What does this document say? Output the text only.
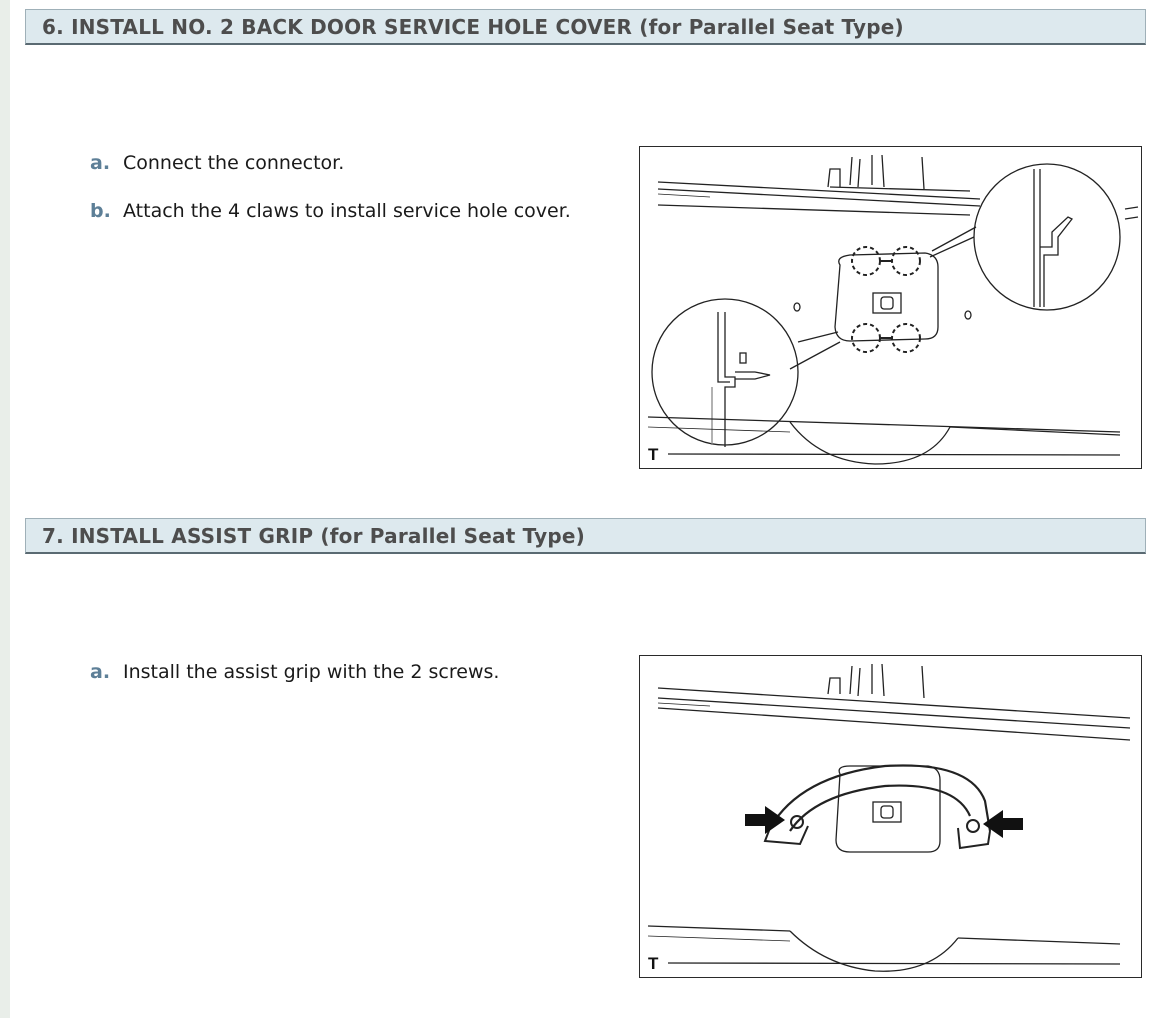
6. INSTALL NO. 2 BACK DOOR SERVICE HOLE COVER (for Parallel Seat Type)
a. Connect the connector.
b. Attach the 4 claws to install service hole cover.
T
7. INSTALL ASSIST GRIP (for Parallel Seat Type)
a. Install the assist grip with the 2 screws.
T
